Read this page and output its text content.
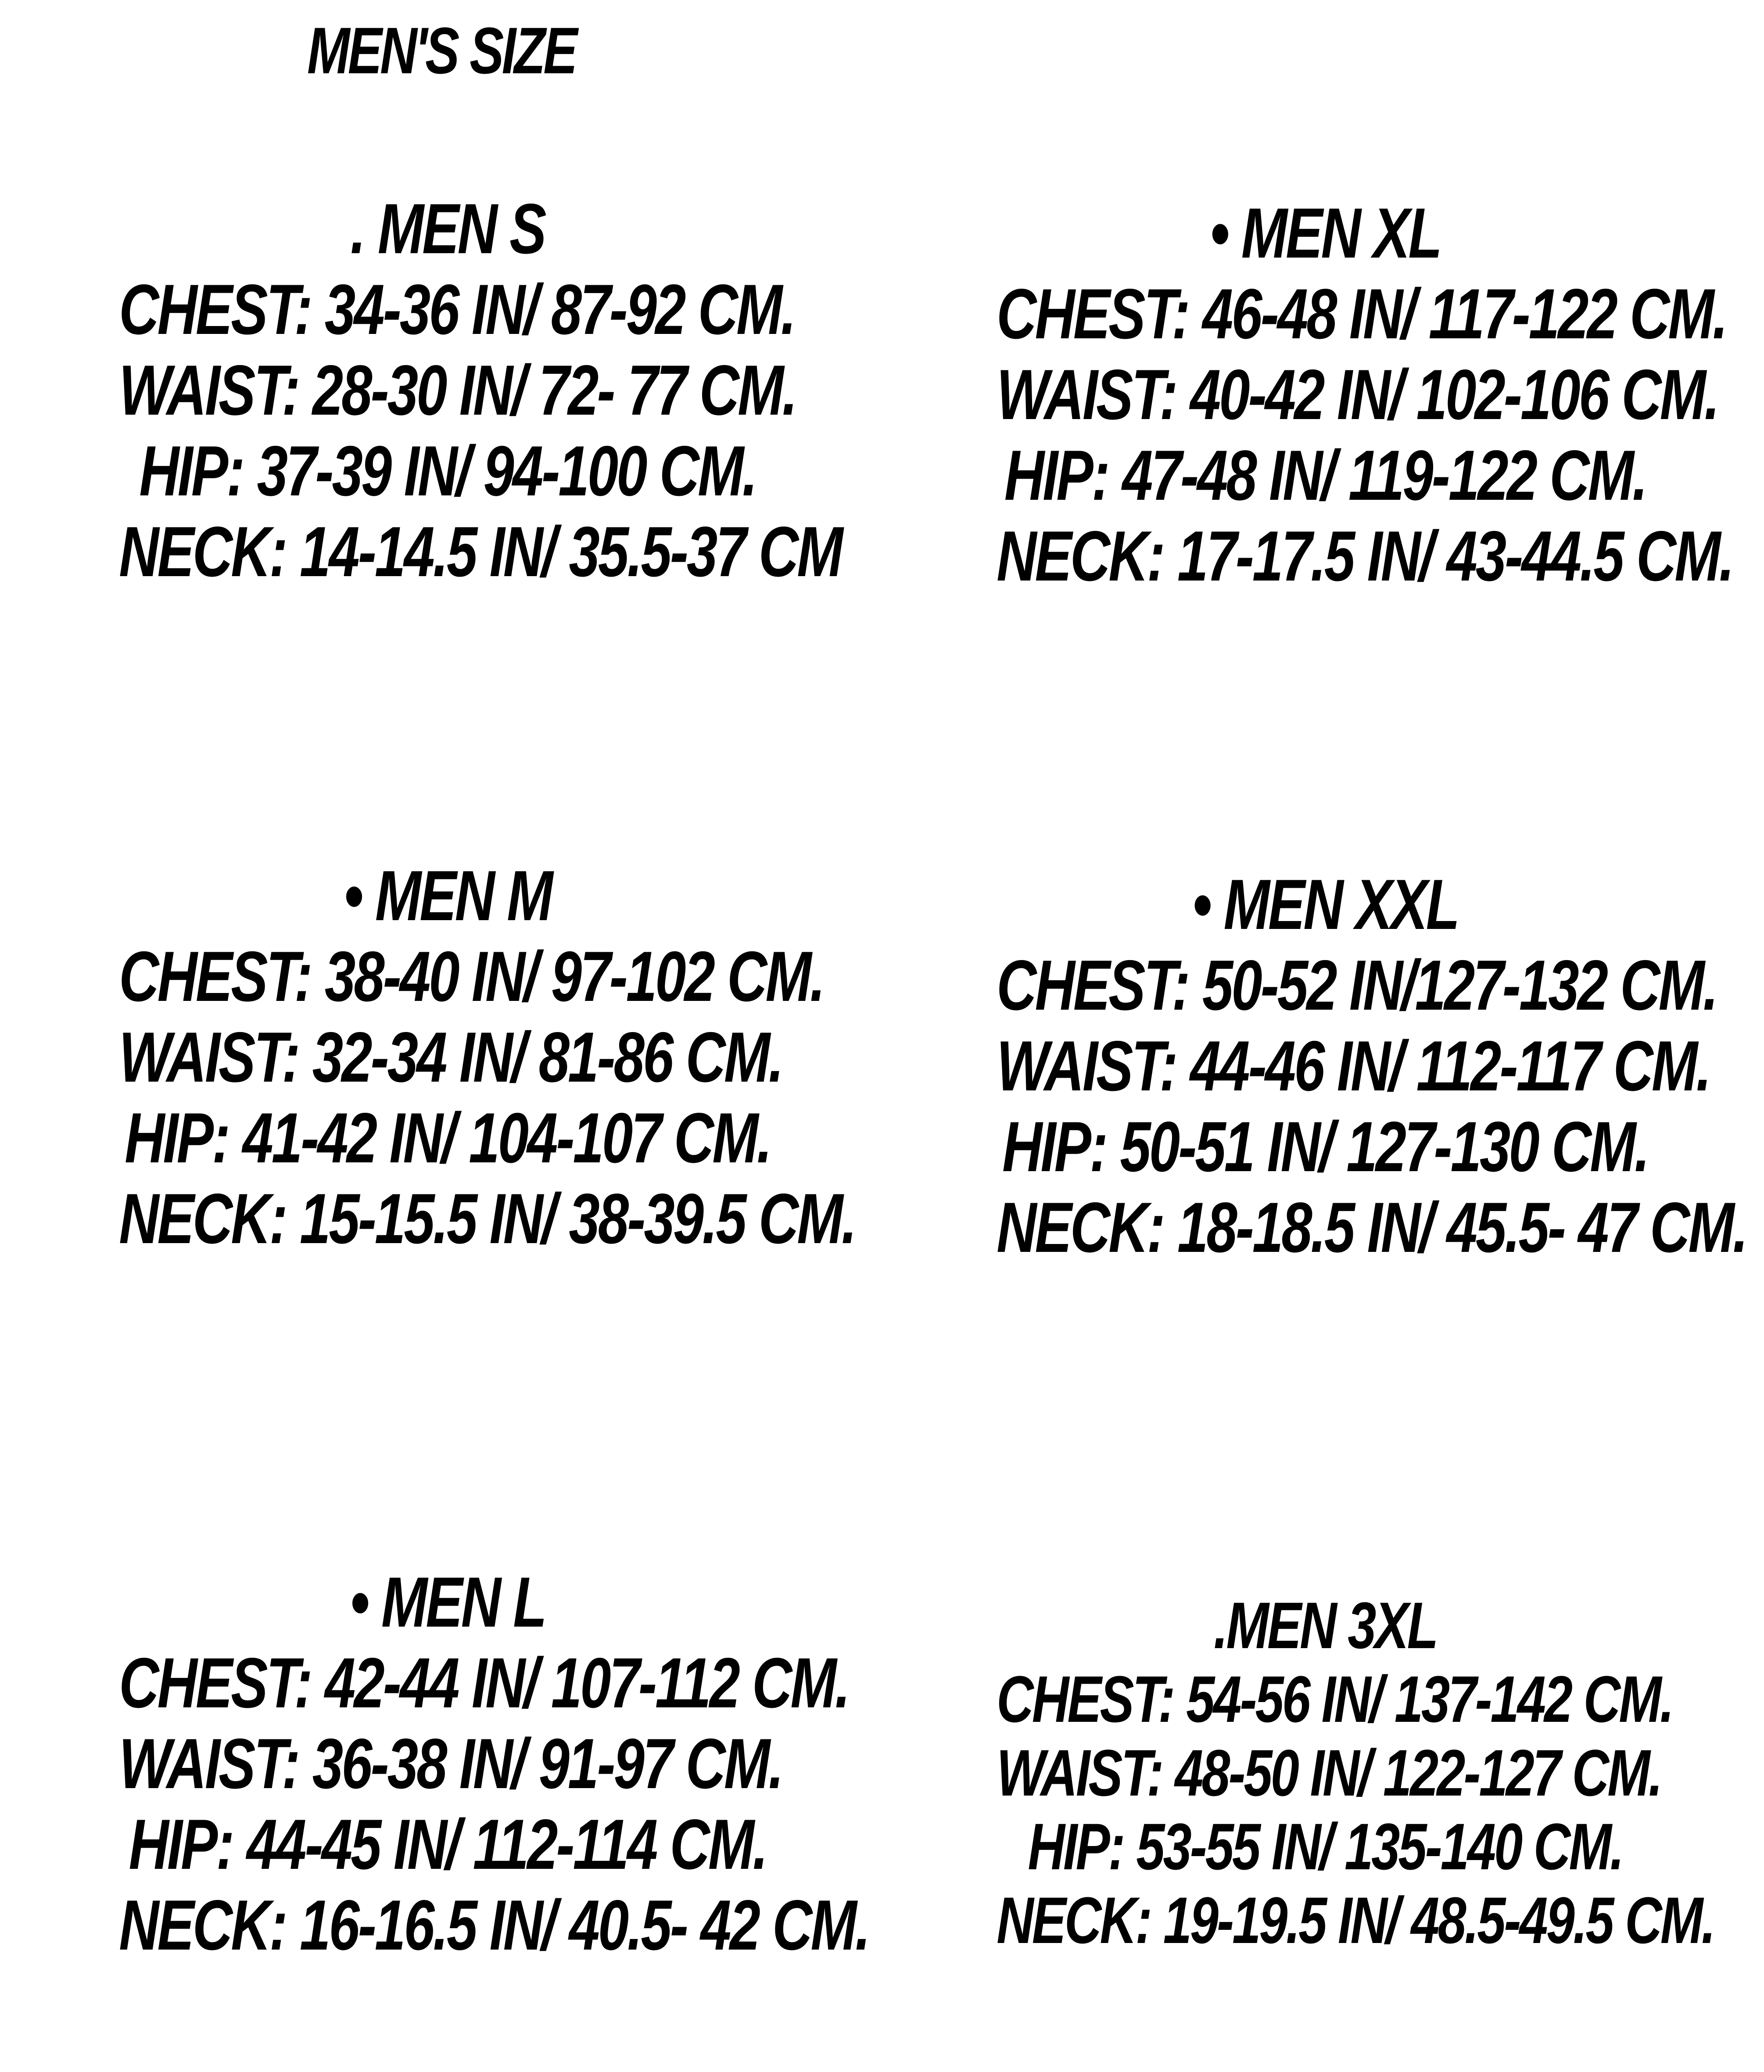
MEN'S SIZE
. MEN S
CHEST: 34-36 IN/ 87-92 CM.
WAIST: 28-30 IN/ 72- 77 CM.
HIP: 37-39 IN/ 94-100 CM.
NECK: 14-14.5 IN/ 35.5-37 CM
• MEN XL
CHEST: 46-48 IN/ 117-122 CM.
WAIST: 40-42 IN/ 102-106 CM.
HIP: 47-48 IN/ 119-122 CM.
NECK: 17-17.5 IN/ 43-44.5 CM.
• MEN M
CHEST: 38-40 IN/ 97-102 CM.
WAIST: 32-34 IN/ 81-86 CM.
HIP: 41-42 IN/ 104-107 CM.
NECK: 15-15.5 IN/ 38-39.5 CM.
• MEN XXL
CHEST: 50-52 IN/127-132 CM.
WAIST: 44-46 IN/ 112-117 CM.
HIP: 50-51 IN/ 127-130 CM.
NECK: 18-18.5 IN/ 45.5- 47 CM.
• MEN L
CHEST: 42-44 IN/ 107-112 CM.
WAIST: 36-38 IN/ 91-97 CM.
HIP: 44-45 IN/ 112-114 CM.
NECK: 16-16.5 IN/ 40.5- 42 CM.
.MEN 3XL
CHEST: 54-56 IN/ 137-142 CM.
WAIST: 48-50 IN/ 122-127 CM.
HIP: 53-55 IN/ 135-140 CM.
NECK: 19-19.5 IN/ 48.5-49.5 CM.
